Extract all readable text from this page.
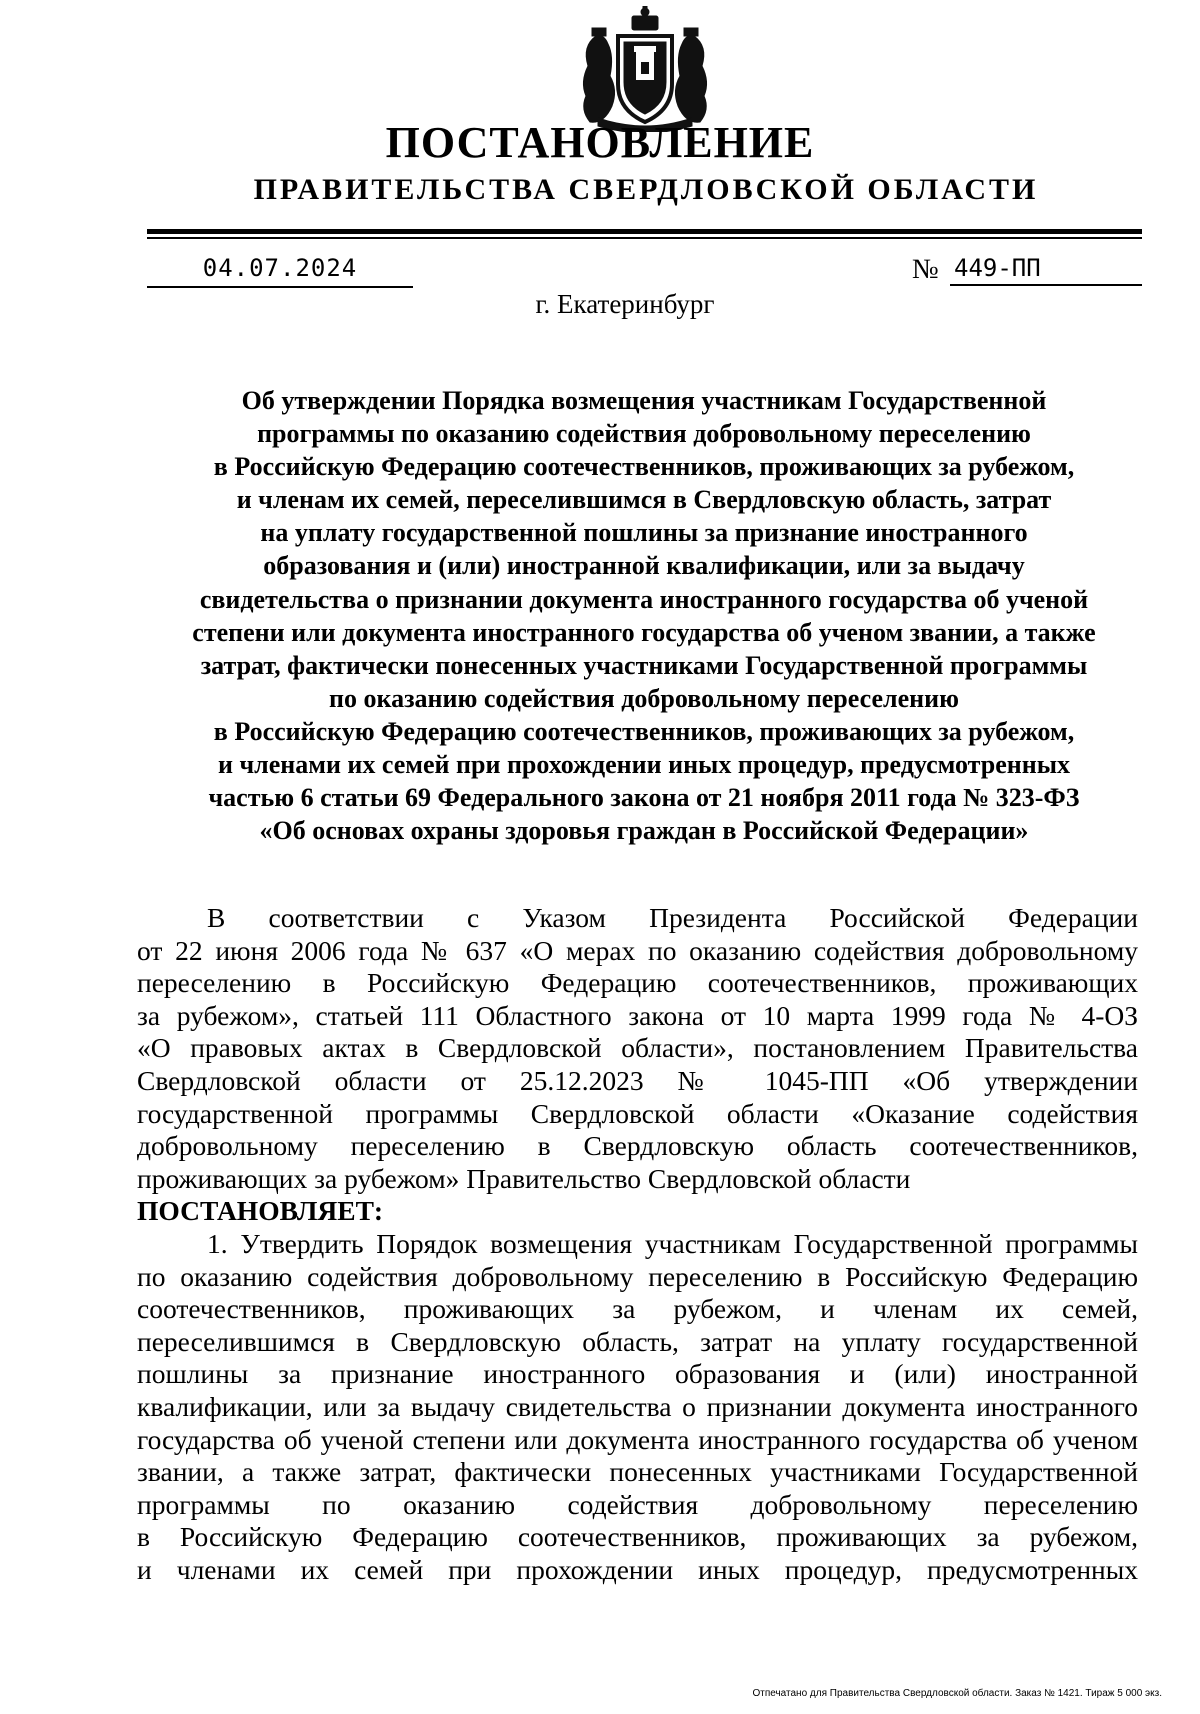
ПОСТАНОВЛЕНИЕ
ПРАВИТЕЛЬСТВА СВЕРДЛОВСКОЙ ОБЛАСТИ
04.07.2024	№ 449-ПП
г. Екатеринбург
Об утверждении Порядка возмещения участникам Государственной
программы по оказанию содействия добровольному переселению
в Российскую Федерацию соотечественников, проживающих за рубежом,
и членам их семей, переселившимся в Свердловскую область, затрат
на уплату государственной пошлины за признание иностранного
образования и (или) иностранной квалификации, или за выдачу
свидетельства о признании документа иностранного государства об ученой
степени или документа иностранного государства об ученом звании, а также
затрат, фактически понесенных участниками Государственной программы
по оказанию содействия добровольному переселению
в Российскую Федерацию соотечественников, проживающих за рубежом,
и членами их семей при прохождении иных процедур, предусмотренных
частью 6 статьи 69 Федерального закона от 21 ноября 2011 года № 323-ФЗ
«Об основах охраны здоровья граждан в Российской Федерации»
В соответствии с Указом Президента Российской Федерации
от 22 июня 2006 года № 637 «О мерах по оказанию содействия добровольному
переселению в Российскую Федерацию соотечественников, проживающих
за рубежом», статьей 111 Областного закона от 10 марта 1999 года № 4-ОЗ
«О правовых актах в Свердловской области», постановлением Правительства
Свердловской области от 25.12.2023 № 1045-ПП «Об утверждении
государственной программы Свердловской области «Оказание содействия
добровольному переселению в Свердловскую область соотечественников,
проживающих за рубежом» Правительство Свердловской области
ПОСТАНОВЛЯЕТ:
1. Утвердить Порядок возмещения участникам Государственной программы
по оказанию содействия добровольному переселению в Российскую Федерацию
соотечественников, проживающих за рубежом, и членам их семей,
переселившимся в Свердловскую область, затрат на уплату государственной
пошлины за признание иностранного образования и (или) иностранной
квалификации, или за выдачу свидетельства о признании документа иностранного
государства об ученой степени или документа иностранного государства об ученом
звании, а также затрат, фактически понесенных участниками Государственной
программы по оказанию содействия добровольному переселению
в Российскую Федерацию соотечественников, проживающих за рубежом,
и членами их семей при прохождении иных процедур, предусмотренных
Отпечатано для Правительства Свердловской области. Заказ № 1421. Тираж 5 000 экз.
